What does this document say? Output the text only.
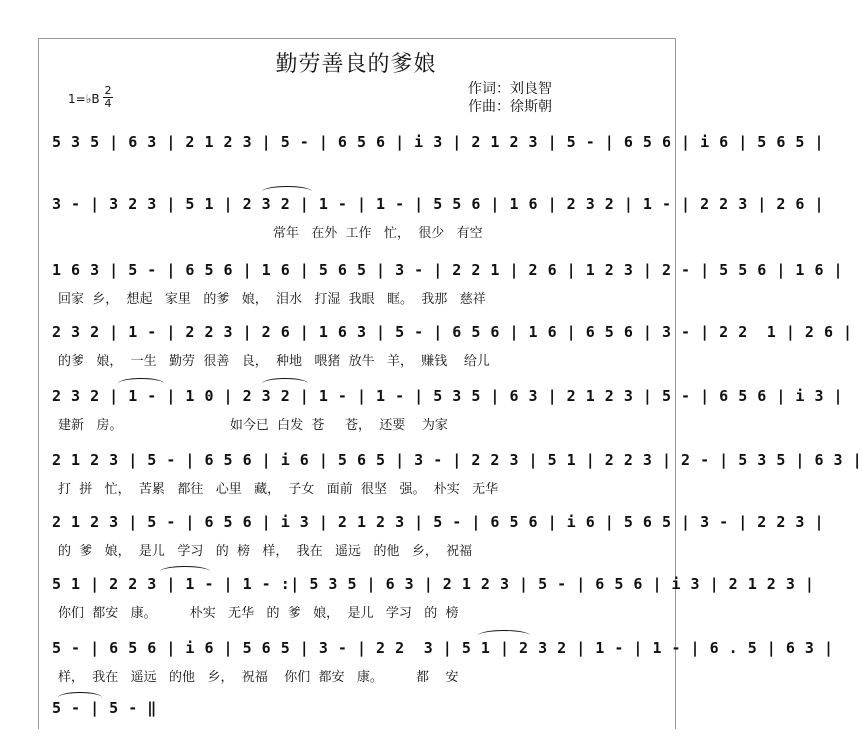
勤劳善良的爹娘
1=♭B
2
4
作词：刘良智
作曲：徐斯朝
5 3 5 | 6 3 | 2 1 2 3 | 5 - | 6 5 6 | i 3 | 2 1 2 3 | 5 - | 6 5 6 | i 6 | 5 6 5 |
3 - | 3 2 3 | 5 1 | 2 3 2 | 1 - | 1 - | 5 5 6 | 1 6 | 2 3 2 | 1 - | 2 2 3 | 2 6 |
常年   在外  工作   忙，  很少   有空
1 6 3 | 5 - | 6 5 6 | 1 6 | 5 6 5 | 3 - | 2 2 1 | 2 6 | 1 2 3 | 2 - | 5 5 6 | 1 6 |
回家  乡，  想起   家里   的爹   娘，  泪水   打湿  我眼   眶。  我那   慈祥
2 3 2 | 1 - | 2 2 3 | 2 6 | 1 6 3 | 5 - | 6 5 6 | 1 6 | 6 5 6 | 3 - | 2 2  1 | 2 6 |
的爹   娘，  一生   勤劳  很善   良，  种地   喂猪  放牛   羊，  赚钱    给儿
2 3 2 | 1 - | 1 0 | 2 3 2 | 1 - | 1 - | 5 3 5 | 6 3 | 2 1 2 3 | 5 - | 6 5 6 | i 3 |
建新   房。                          如今已  白发  苍     苍，  还要    为家
2 1 2 3 | 5 - | 6 5 6 | i 6 | 5 6 5 | 3 - | 2 2 3 | 5 1 | 2 2 3 | 2 - | 5 3 5 | 6 3 |
打  拼   忙，  苦累   都往   心里   藏，  子女   面前  很坚   强。  朴实   无华
2 1 2 3 | 5 - | 6 5 6 | i 3 | 2 1 2 3 | 5 - | 6 5 6 | i 6 | 5 6 5 | 3 - | 2 2 3 |
的  爹   娘，  是儿   学习   的  榜   样，  我在   遥远   的他   乡，  祝福
5 1 | 2 2 3 | 1 - | 1 - :| 5 3 5 | 6 3 | 2 1 2 3 | 5 - | 6 5 6 | i 3 | 2 1 2 3 |
你们  都安   康。        朴实   无华   的  爹   娘，  是儿   学习   的  榜
5 - | 6 5 6 | i 6 | 5 6 5 | 3 - | 2 2  3 | 5 1 | 2 3 2 | 1 - | 1 - | 6 . 5 | 6 3 |
样，  我在   遥远   的他   乡，  祝福    你们  都安   康。        都    安
5 - | 5 - ‖
